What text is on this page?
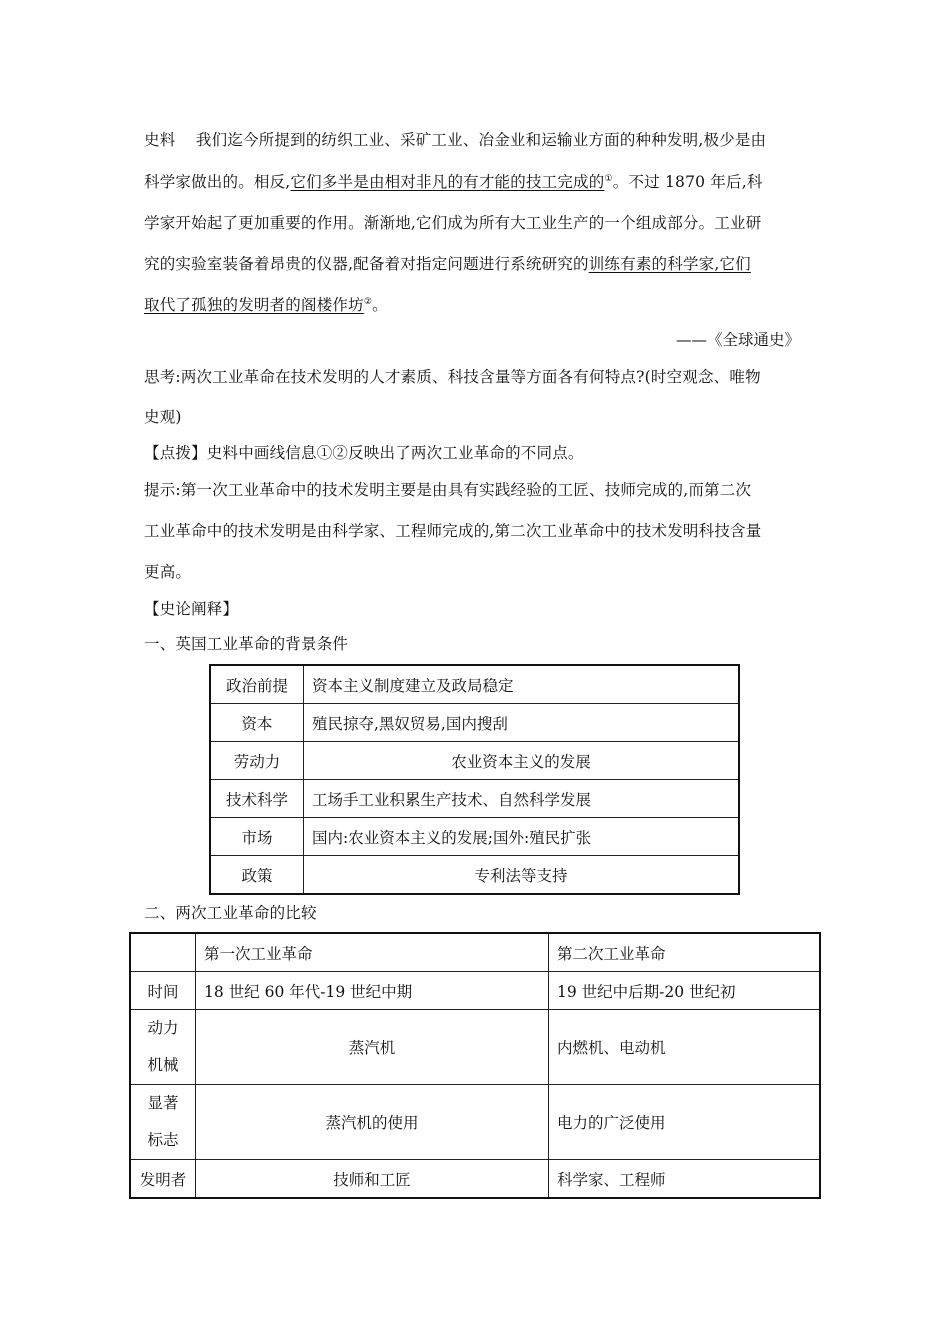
史料 我们迄今所提到的纺织工业、采矿工业、冶金业和运输业方面的种种发明,极少是由
科学家做出的。相反,它们多半是由相对非凡的有才能的技工完成的①。不过 1870 年后,科
学家开始起了更加重要的作用。渐渐地,它们成为所有大工业生产的一个组成部分。工业研
究的实验室装备着昂贵的仪器,配备着对指定问题进行系统研究的训练有素的科学家,它们
取代了孤独的发明者的阁楼作坊②。
——《全球通史》
思考:两次工业革命在技术发明的人才素质、科技含量等方面各有何特点?(时空观念、唯物
史观)
【点拨】史料中画线信息①②反映出了两次工业革命的不同点。
提示:第一次工业革命中的技术发明主要是由具有实践经验的工匠、技师完成的,而第二次
工业革命中的技术发明是由科学家、工程师完成的,第二次工业革命中的技术发明科技含量
更高。
【史论阐释】
一、英国工业革命的背景条件
政治前提	资本主义制度建立及政局稳定
资本	殖民掠夺,黑奴贸易,国内搜刮
劳动力	农业资本主义的发展
技术科学	工场手工业积累生产技术、自然科学发展
市场	国内:农业资本主义的发展;国外:殖民扩张
政策	专利法等支持
二、两次工业革命的比较
	第一次工业革命	第二次工业革命
时间	18 世纪 60 年代-19 世纪中期	19 世纪中后期-20 世纪初
动力
机械	蒸汽机	内燃机、电动机
显著
标志	蒸汽机的使用	电力的广泛使用
发明者	技师和工匠	科学家、工程师
